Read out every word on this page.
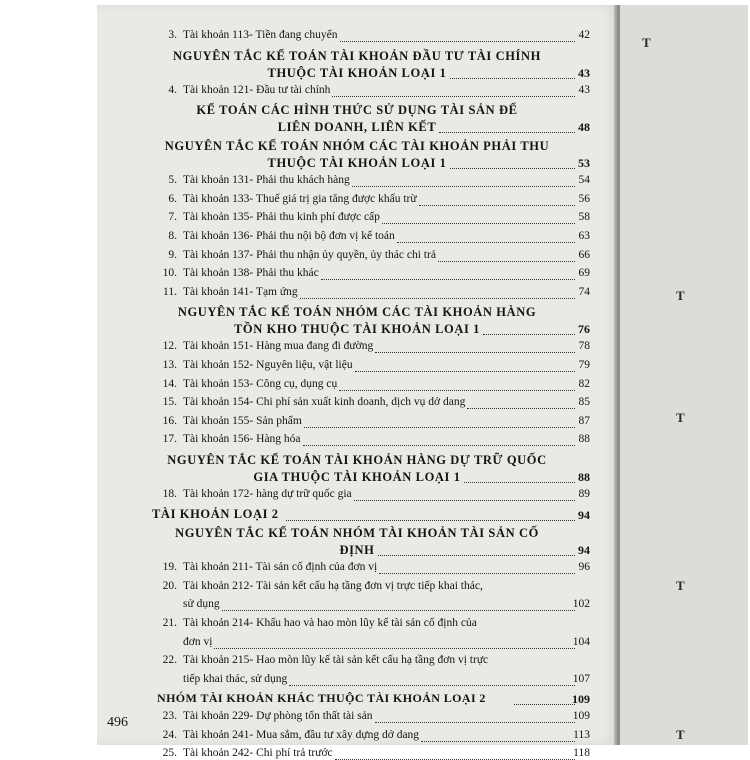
3. Tài khoản 113- Tiền đang chuyển	42
NGUYÊN TẮC KẾ TOÁN TÀI KHOẢN ĐẦU TƯ TÀI CHÍNH
THUỘC TÀI KHOẢN LOẠI 1	43
4. Tài khoản 121- Đầu tư tài chính	43
KẾ TOÁN CÁC HÌNH THỨC SỬ DỤNG TÀI SẢN ĐỂ
LIÊN DOANH, LIÊN KẾT	48
NGUYÊN TẮC KẾ TOÁN NHÓM CÁC TÀI KHOẢN PHẢI THU
THUỘC TÀI KHOẢN LOẠI 1	53
5. Tài khoản 131- Phải thu khách hàng	54
6. Tài khoản 133- Thuế giá trị gia tăng được khấu trừ	56
7. Tài khoản 135- Phải thu kinh phí được cấp	58
8. Tài khoản 136- Phải thu nội bộ đơn vị kế toán	63
9. Tài khoản 137- Phải thu nhận ủy quyền, ủy thác chi trả	66
10. Tài khoản 138- Phải thu khác	69
11. Tài khoản 141- Tạm ứng	74
NGUYÊN TẮC KẾ TOÁN NHÓM CÁC TÀI KHOẢN HÀNG
TỒN KHO THUỘC TÀI KHOẢN LOẠI 1	76
12. Tài khoản 151- Hàng mua đang đi đường	78
13. Tài khoản 152- Nguyên liệu, vật liệu	79
14. Tài khoản 153- Công cụ, dụng cụ	82
15. Tài khoản 154- Chi phí sản xuất kinh doanh, dịch vụ dở dang	85
16. Tài khoản 155- Sản phẩm	87
17. Tài khoản 156- Hàng hóa	88
NGUYÊN TẮC KẾ TOÁN TÀI KHOẢN HÀNG DỰ TRỮ QUỐC
GIA THUỘC TÀI KHOẢN LOẠI 1	88
18. Tài khoản 172- hàng dự trữ quốc gia	89
TÀI KHOẢN LOẠI 2	94
NGUYÊN TẮC KẾ TOÁN NHÓM TÀI KHOẢN TÀI SẢN CỐ
ĐỊNH	94
19. Tài khoản 211- Tài sản cố định của đơn vị	96
20. Tài khoản 212- Tài sản kết cấu hạ tầng đơn vị trực tiếp khai thác,
sử dụng	102
21. Tài khoản 214- Khấu hao và hao mòn lũy kế tài sản cố định của
đơn vị	104
22. Tài khoản 215- Hao mòn lũy kế tài sản kết cấu hạ tầng đơn vị trực
tiếp khai thác, sử dụng	107
NHÓM TÀI KHOẢN KHÁC THUỘC TÀI KHOẢN LOẠI 2	109
23. Tài khoản 229- Dự phòng tổn thất tài sản	109
24. Tài khoản 241- Mua sắm, đầu tư xây dựng dở dang	113
25. Tài khoản 242- Chi phí trả trước	118
496
T
T
T
T
T
